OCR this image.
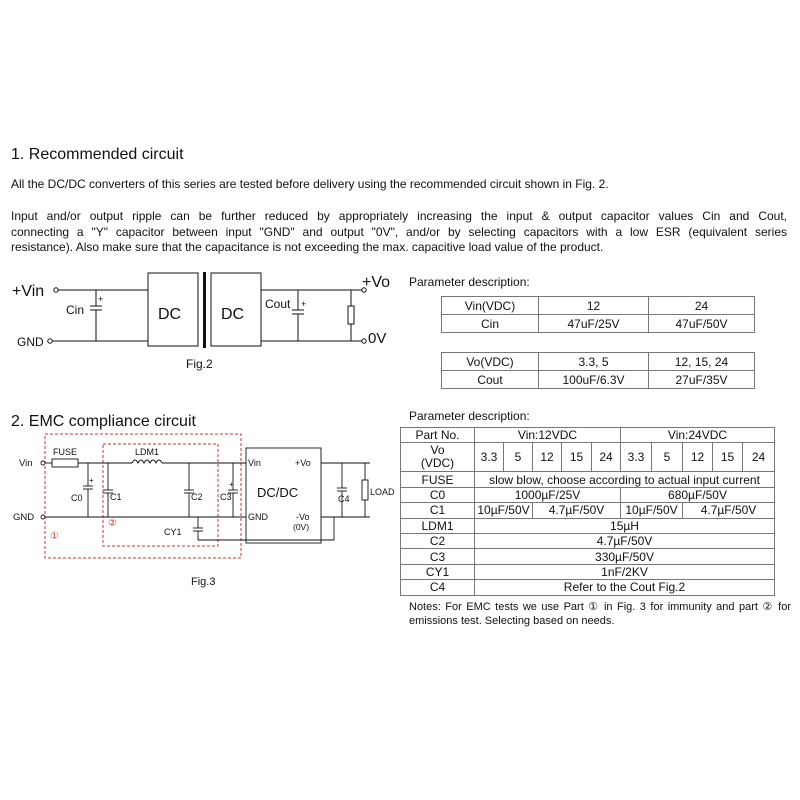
1. Recommended circuit
All the DC/DC converters of this series are tested before delivery using the recommended circuit shown in Fig. 2.
Input and/or output ripple can be further reduced by appropriately increasing the input & output capacitor values Cin and Cout,
connecting a "Y" capacitor between input "GND" and output "0V", and/or by selecting capacitors with a low ESR (equivalent series
resistance). Also make sure that the capacitance is not exceeding the max. capacitive load value of the product.
+	+
+Vin
GND
Cin	DC DC
Cout
+Vo
0V
Fig.2
Parameter description:
Vin(VDC)	12	24
Cin	47uF/25V	47uF/50V
Vo(VDC)	3.3, 5	12, 15, 24
Cout	100uF/6.3V	27uF/35V
2. EMC compliance circuit
+	+
Vin
GND
FUSE	LDM1
C0	C1	C2 C3
CY1
C4
LOAD
①
②
DC/DC
Vin	+Vo
GND	-Vo
(0V)
Fig.3
Parameter description:
Part No.	Vin:12VDC					Vin:24VDC				
Vo
(VDC)	3.3	5	12	15	24	3.3	5	12	15	24
FUSE	slow blow, choose according to actual input current									
C0	1000µF/25V					680µF/50V				
C1	10µF/50V		4.7µF/50V			10µF/50V		4.7µF/50V		
LDM1	15µH									
C2	4.7µF/50V									
C3	330µF/50V									
CY1	1nF/2KV									
C4	Refer to the Cout Fig.2									
Notes: For EMC tests we use Part ① in Fig. 3 for immunity and part ② for
emissions test. Selecting based on needs.
